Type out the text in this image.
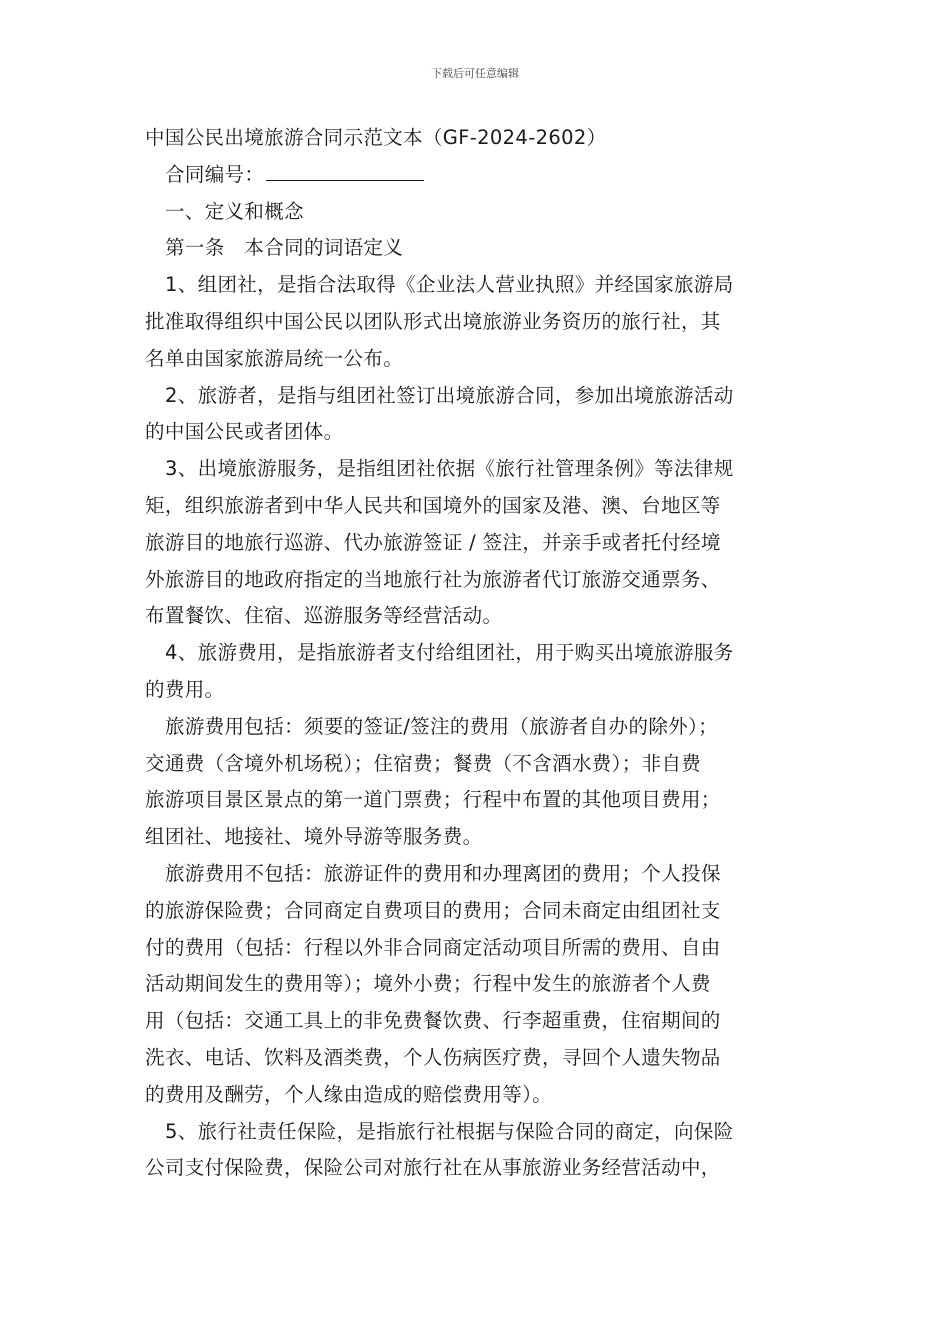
下载后可任意编辑

中国公民出境旅游合同示范文本（GF-2024-2602）

合同编号：

一、定义和概念

第一条　本合同的词语定义

1、组团社，是指合法取得《企业法人营业执照》并经国家旅游局

批准取得组织中国公民以团队形式出境旅游业务资历的旅行社，其

名单由国家旅游局统一公布。

2、旅游者，是指与组团社签订出境旅游合同，参加出境旅游活动

的中国公民或者团体。

3、出境旅游服务，是指组团社依据《旅行社管理条例》等法律规

矩，组织旅游者到中华人民共和国境外的国家及港、澳、台地区等

旅游目的地旅行巡游、代办旅游签证 / 签注，并亲手或者托付经境

外旅游目的地政府指定的当地旅行社为旅游者代订旅游交通票务、

布置餐饮、住宿、巡游服务等经营活动。

4、旅游费用，是指旅游者支付给组团社，用于购买出境旅游服务

的费用。

旅游费用包括：须要的签证/签注的费用（旅游者自办的除外）；

交通费（含境外机场税）；住宿费；餐费（不含酒水费）；非自费

旅游项目景区景点的第一道门票费；行程中布置的其他项目费用；

组团社、地接社、境外导游等服务费。

旅游费用不包括：旅游证件的费用和办理离团的费用；个人投保

的旅游保险费；合同商定自费项目的费用；合同未商定由组团社支

付的费用（包括：行程以外非合同商定活动项目所需的费用、自由

活动期间发生的费用等）；境外小费；行程中发生的旅游者个人费

用（包括：交通工具上的非免费餐饮费、行李超重费，住宿期间的

洗衣、电话、饮料及酒类费，个人伤病医疗费，寻回个人遗失物品

的费用及酬劳，个人缘由造成的赔偿费用等）。

5、旅行社责任保险，是指旅行社根据与保险合同的商定，向保险

公司支付保险费，保险公司对旅行社在从事旅游业务经营活动中，
